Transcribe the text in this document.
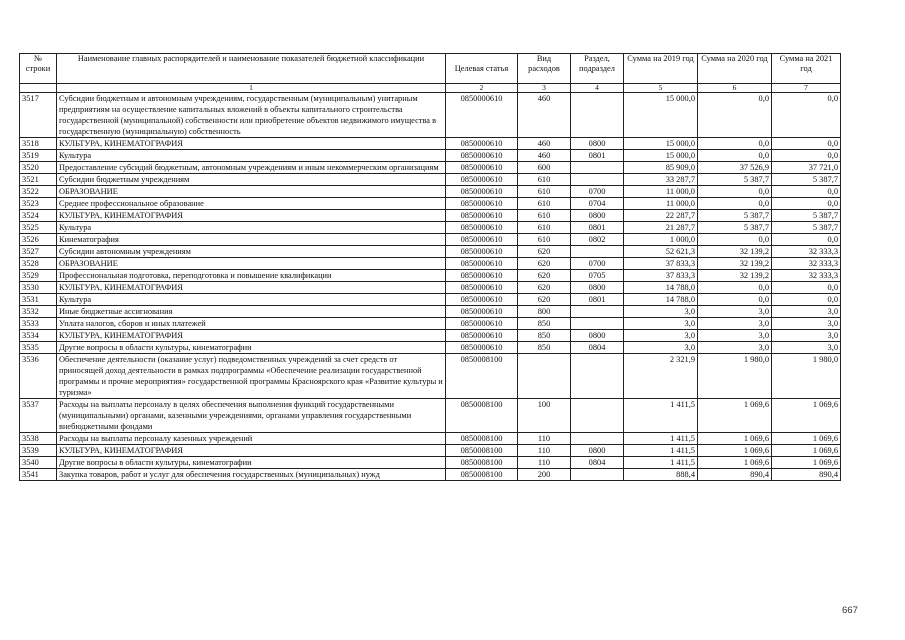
№ строки	Наименование главных распорядителей и наименование показателей бюджетной классификации	Целевая статья	Вид расходов	Раздел, подраздел	Сумма на 2019 год	Сумма на 2020 год	Сумма на 2021 год
	1	2	3	4	5	6	7
3517	Субсидии бюджетным и автономным учреждениям, государственным (муниципальным) унитарным предприятиям на осуществление капитальных вложений в объекты капитального строительства государственной (муниципальной) собственности или приобретение объектов недвижимого имущества в государственную (муниципальную) собственность	0850000610	460		15 000,0	0,0	0,0
3518	КУЛЬТУРА, КИНЕМАТОГРАФИЯ	0850000610	460	0800	15 000,0	0,0	0,0
3519	Культура	0850000610	460	0801	15 000,0	0,0	0,0
3520	Предоставление субсидий бюджетным, автономным учреждениям и иным некоммерческим организациям	0850000610	600		85 909,0	37 526,9	37 721,0
3521	Субсидии бюджетным учреждениям	0850000610	610		33 287,7	5 387,7	5 387,7
3522	ОБРАЗОВАНИЕ	0850000610	610	0700	11 000,0	0,0	0,0
3523	Среднее профессиональное образование	0850000610	610	0704	11 000,0	0,0	0,0
3524	КУЛЬТУРА, КИНЕМАТОГРАФИЯ	0850000610	610	0800	22 287,7	5 387,7	5 387,7
3525	Культура	0850000610	610	0801	21 287,7	5 387,7	5 387,7
3526	Кинематография	0850000610	610	0802	1 000,0	0,0	0,0
3527	Субсидии автономным учреждениям	0850000610	620		52 621,3	32 139,2	32 333,3
3528	ОБРАЗОВАНИЕ	0850000610	620	0700	37 833,3	32 139,2	32 333,3
3529	Профессиональная подготовка, переподготовка и повышение квалификации	0850000610	620	0705	37 833,3	32 139,2	32 333,3
3530	КУЛЬТУРА, КИНЕМАТОГРАФИЯ	0850000610	620	0800	14 788,0	0,0	0,0
3531	Культура	0850000610	620	0801	14 788,0	0,0	0,0
3532	Иные бюджетные ассигнования	0850000610	800		3,0	3,0	3,0
3533	Уплата налогов, сборов и иных платежей	0850000610	850		3,0	3,0	3,0
3534	КУЛЬТУРА, КИНЕМАТОГРАФИЯ	0850000610	850	0800	3,0	3,0	3,0
3535	Другие вопросы в области культуры, кинематографии	0850000610	850	0804	3,0	3,0	3,0
3536	Обеспечение деятельности (оказание услуг) подведомственных учреждений за счет средств от приносящей доход деятельности в рамках подпрограммы «Обеспечение реализации государственной программы и прочие мероприятия» государственной программы Красноярского края «Развитие культуры и туризма»	0850008100			2 321,9	1 980,0	1 980,0
3537	Расходы на выплаты персоналу в целях обеспечения выполнения функций государственными (муниципальными) органами, казенными учреждениями, органами управления государственными внебюджетными фондами	0850008100	100		1 411,5	1 069,6	1 069,6
3538	Расходы на выплаты персоналу казенных учреждений	0850008100	110		1 411,5	1 069,6	1 069,6
3539	КУЛЬТУРА, КИНЕМАТОГРАФИЯ	0850008100	110	0800	1 411,5	1 069,6	1 069,6
3540	Другие вопросы в области культуры, кинематографии	0850008100	110	0804	1 411,5	1 069,6	1 069,6
3541	Закупка товаров, работ и услуг для обеспечения государственных (муниципальных) нужд	0850008100	200		888,4	890,4	890,4
667
